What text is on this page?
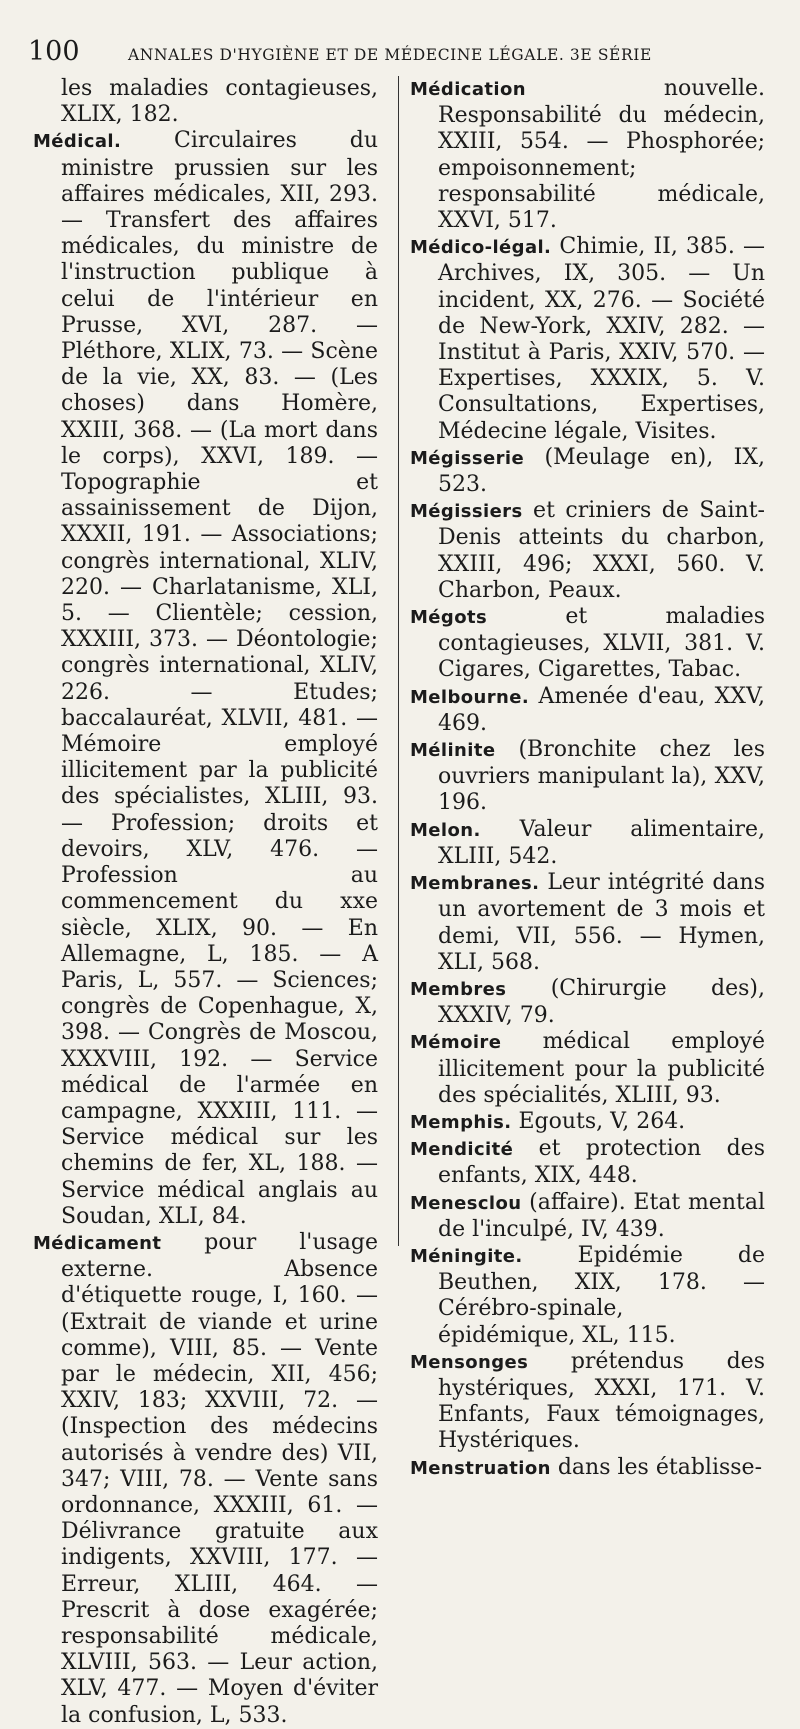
100	ANNALES D'HYGIÈNE ET DE MÉDECINE LÉGALE. 3E SÉRIE

les maladies contagieuses, XLIX, 182.

Médical. Circulaires du ministre prussien sur les affaires médicales, XII, 293. — Transfert des affaires médicales, du ministre de l'instruction publique à celui de l'intérieur en Prusse, XVI, 287. — Pléthore, XLIX, 73. — Scène de la vie, XX, 83. — (Les choses) dans Homère, XXIII, 368. — (La mort dans le corps), XXVI, 189. — Topographie et assainissement de Dijon, XXXII, 191. — Associations; congrès international, XLIV, 220. — Charlatanisme, XLI, 5. — Clientèle; cession, XXXIII, 373. — Déontologie; congrès international, XLIV, 226. — Etudes; baccalauréat, XLVII, 481. — Mémoire employé illicitement par la publicité des spécialistes, XLIII, 93. — Profession; droits et devoirs, XLV, 476. — Profession au commencement du xxe siècle, XLIX, 90. — En Allemagne, L, 185. — A Paris, L, 557. — Sciences; congrès de Copenhague, X, 398. — Congrès de Moscou, XXXVIII, 192. — Service médical de l'armée en campagne, XXXIII, 111. — Service médical sur les chemins de fer, XL, 188. — Service médical anglais au Soudan, XLI, 84.

Médicament pour l'usage externe. Absence d'étiquette rouge, I, 160. — (Extrait de viande et urine comme), VIII, 85. — Vente par le médecin, XII, 456; XXIV, 183; XXVIII, 72. — (Inspection des médecins autorisés à vendre des) VII, 347; VIII, 78. — Vente sans ordonnance, XXXIII, 61. — Délivrance gratuite aux indigents, XXVIII, 177. — Erreur, XLIII, 464. — Prescrit à dose exagérée; responsabilité médicale, XLVIII, 563. — Leur action, XLV, 477. — Moyen d'éviter la confusion, L, 533.

Médication nouvelle. Responsabilité du médecin, XXIII, 554. — Phosphorée; empoisonnement; responsabilité médicale, XXVI, 517.

Médico-légal. Chimie, II, 385. — Archives, IX, 305. — Un incident, XX, 276. — Société de New-York, XXIV, 282. — Institut à Paris, XXIV, 570. — Expertises, XXXIX, 5. V. Consultations, Expertises, Médecine légale, Visites.

Mégisserie (Meulage en), IX, 523.

Mégissiers et criniers de Saint-Denis atteints du charbon, XXIII, 496; XXXI, 560. V. Charbon, Peaux.

Mégots et maladies contagieuses, XLVII, 381. V. Cigares, Cigarettes, Tabac.

Melbourne. Amenée d'eau, XXV, 469.

Mélinite (Bronchite chez les ouvriers manipulant la), XXV, 196.

Melon. Valeur alimentaire, XLIII, 542.

Membranes. Leur intégrité dans un avortement de 3 mois et demi, VII, 556. — Hymen, XLI, 568.

Membres (Chirurgie des), XXXIV, 79.

Mémoire médical employé illicitement pour la publicité des spécialités, XLIII, 93.

Memphis. Egouts, V, 264.

Mendicité et protection des enfants, XIX, 448.

Menesclou (affaire). Etat mental de l'inculpé, IV, 439.

Méningite. Epidémie de Beuthen, XIX, 178. — Cérébro-spinale, épidémique, XL, 115.

Mensonges prétendus des hystériques, XXXI, 171. V. Enfants, Faux témoignages, Hystériques.

Menstruation dans les établisse-
